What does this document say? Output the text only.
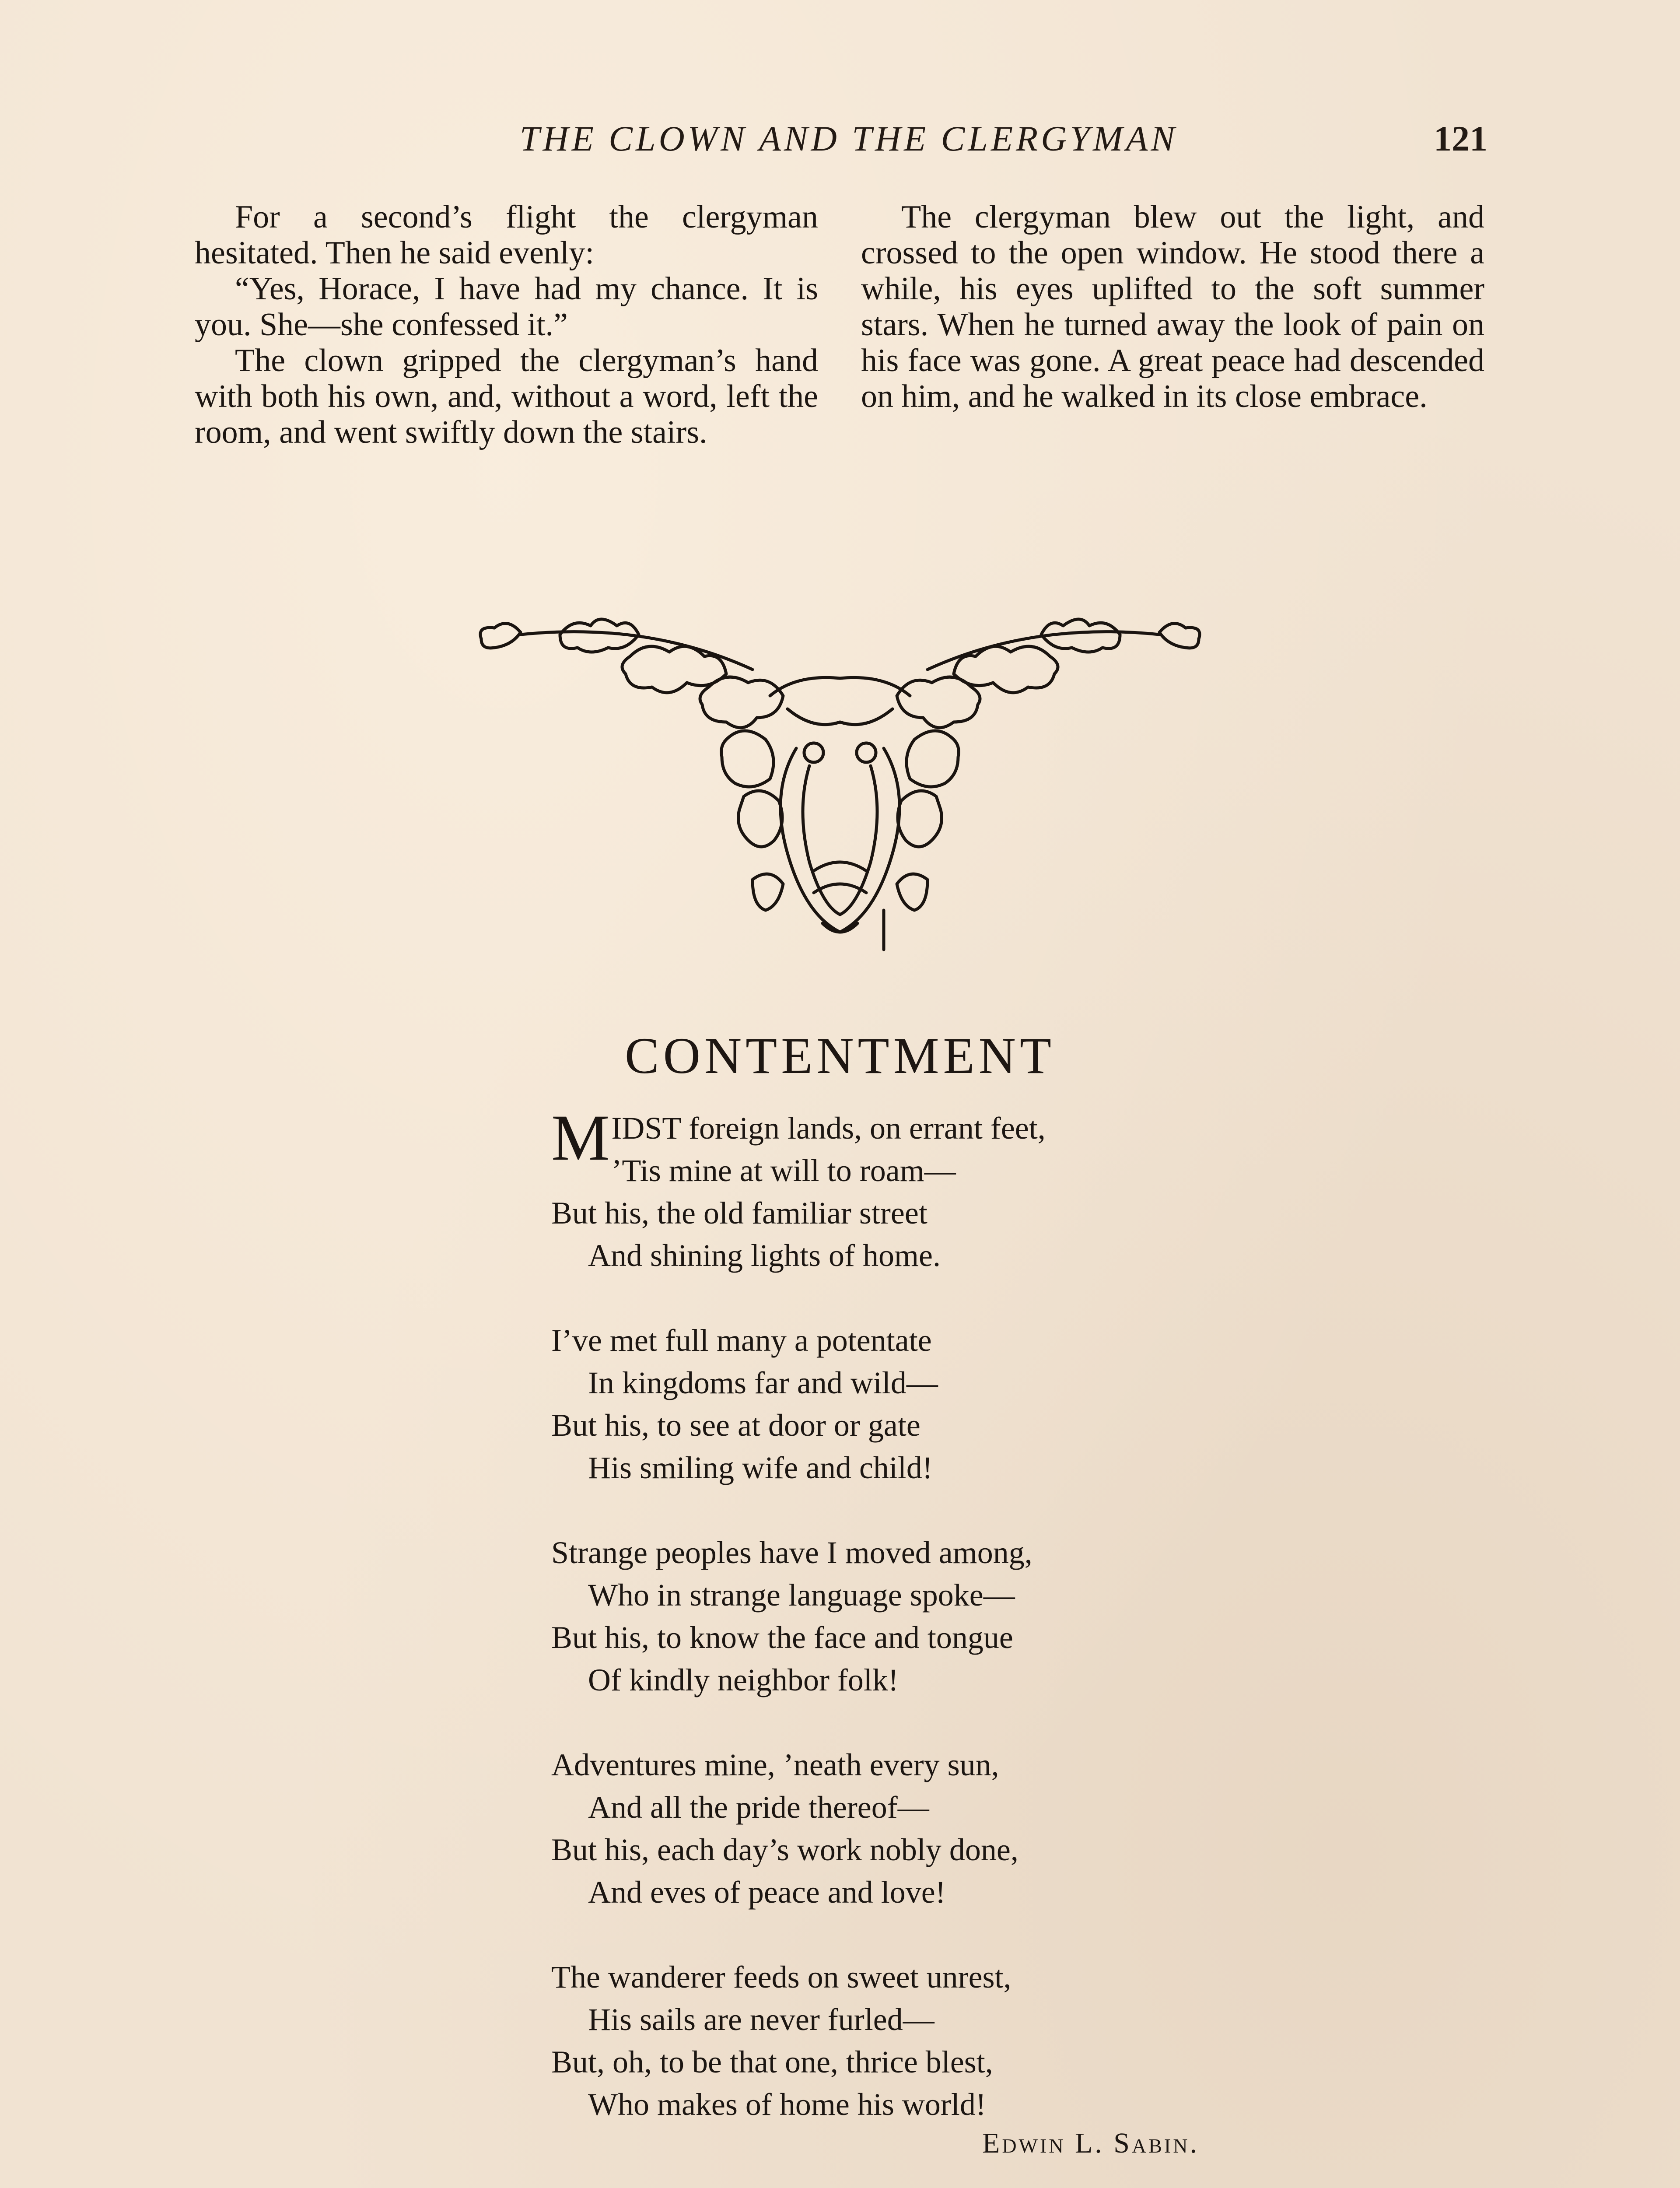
THE CLOWN AND THE CLERGYMAN	121

For a second’s flight the clergyman hesitated. Then he said evenly:

“Yes, Horace, I have had my chance. It is you. She—she confessed it.”

The clown gripped the clergyman’s hand with both his own, and, without a word, left the room, and went swiftly down the stairs.

The clergyman blew out the light, and crossed to the open window. He stood there a while, his eyes uplifted to the soft summer stars. When he turned away the look of pain on his face was gone. A great peace had descended on him, and he walked in its close embrace.

CONTENTMENT
MIDST foreign lands, on errant feet,
’Tis mine at will to roam—
But his, the old familiar street
And shining lights of home.
I’ve met full many a potentate
In kingdoms far and wild—
But his, to see at door or gate
His smiling wife and child!
Strange peoples have I moved among,
Who in strange language spoke—
But his, to know the face and tongue
Of kindly neighbor folk!
Adventures mine, ’neath every sun,
And all the pride thereof—
But his, each day’s work nobly done,
And eves of peace and love!
The wanderer feeds on sweet unrest,
His sails are never furled—
But, oh, to be that one, thrice blest,
Who makes of home his world!
Edwin L. Sabin.
